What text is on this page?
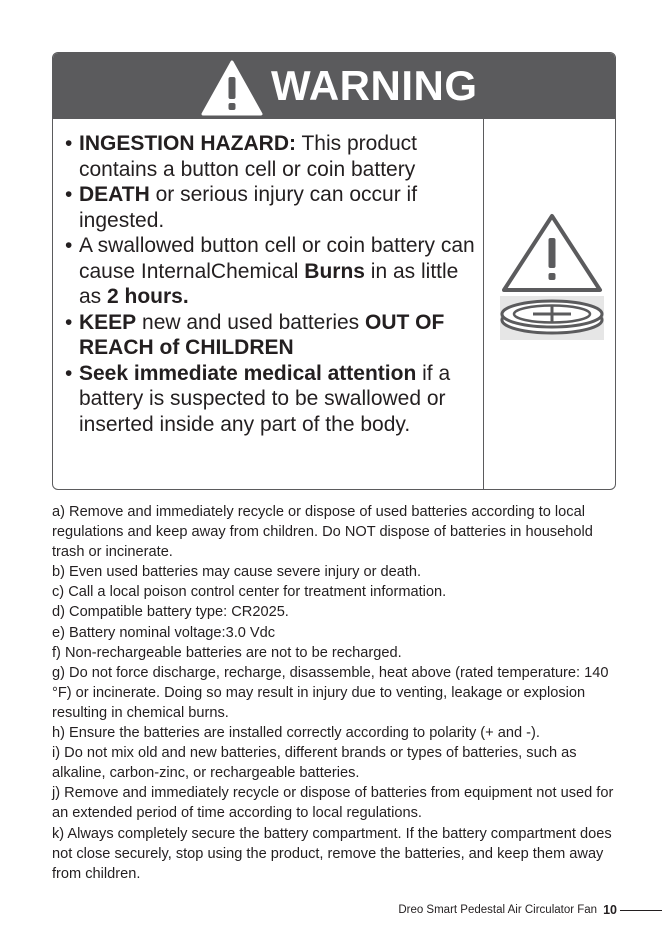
WARNING
• INGESTION HAZARD: This product contains a button cell or coin battery
• DEATH or serious injury can occur if ingested.
• A swallowed button cell or coin battery can cause InternalChemical Burns in as little as 2 hours.
• KEEP new and used batteries OUT OF REACH of CHILDREN
• Seek immediate medical attention if a battery is suspected to be swallowed or inserted inside any part of the body.

a) Remove and immediately recycle or dispose of used batteries according to local regulations and keep away from children. Do NOT dispose of batteries in household trash or incinerate.

b) Even used batteries may cause severe injury or death.

c) Call a local poison control center for treatment information.

d) Compatible battery type: CR2025.

e) Battery nominal voltage:3.0 Vdc

f) Non-rechargeable batteries are not to be recharged.

g) Do not force discharge, recharge, disassemble, heat above (rated temperature: 140 °F) or incinerate. Doing so may result in injury due to venting, leakage or explosion resulting in chemical burns.

h) Ensure the batteries are installed correctly according to polarity (+ and -).

i) Do not mix old and new batteries, different brands or types of batteries, such as alkaline, carbon-zinc, or rechargeable batteries.

j) Remove and immediately recycle or dispose of batteries from equipment not used for an extended period of time according to local regulations.

k) Always completely secure the battery compartment. If the battery compartment does not close securely, stop using the product, remove the batteries, and keep them away from children.

Dreo Smart Pedestal Air Circulator Fan 10
